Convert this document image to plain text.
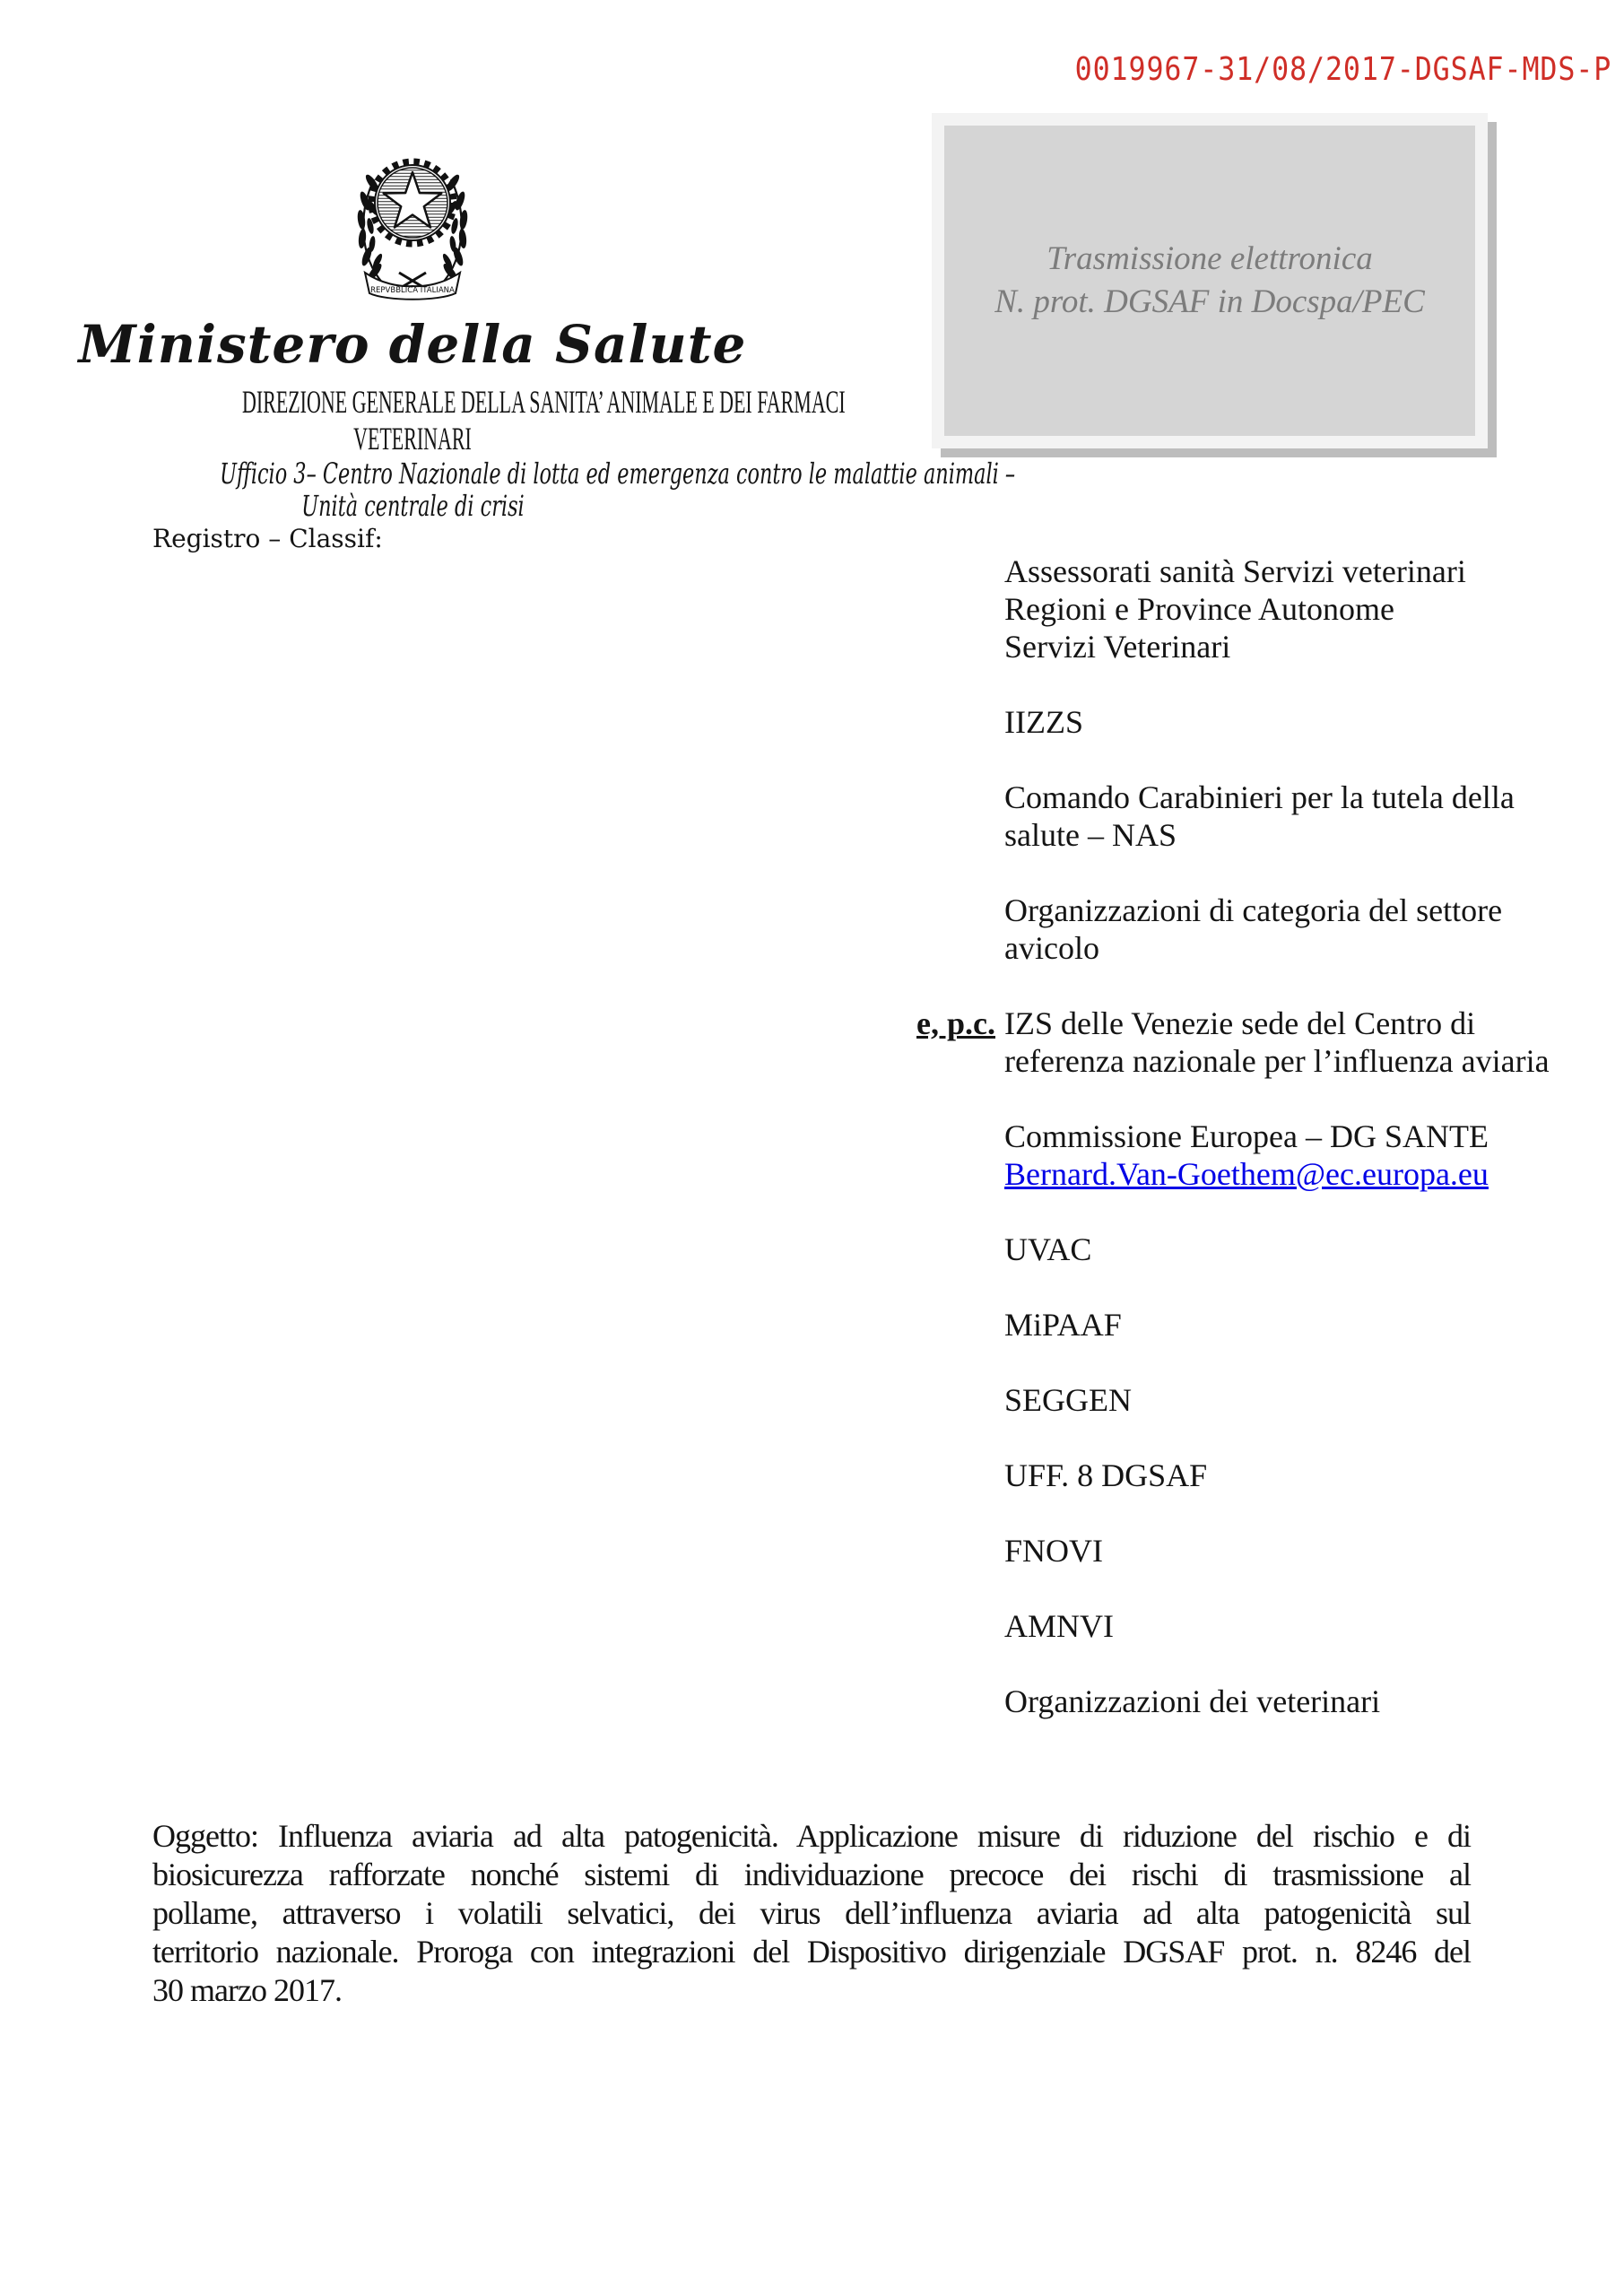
0019967-31/08/2017-DGSAF-MDS-P
Trasmissione elettronica
N. prot. DGSAF in Docspa/PEC
REPVBBLICA ITALIANA
Ministero della Salute
DIREZIONE GENERALE DELLA SANITA’ ANIMALE E DEI FARMACI
VETERINARI
Ufficio 3– Centro Nazionale di lotta ed emergenza contro le malattie animali –
Unità centrale di crisi
Registro – Classif:
Assessorati sanità Servizi veterinari
Regioni e Province Autonome
Servizi Veterinari
IIZZS
Comando Carabinieri per la tutela della
salute – NAS
Organizzazioni di categoria del settore
avicolo
e, p.c. IZS delle Venezie sede del Centro di
referenza nazionale per l’influenza aviaria
Commissione Europea – DG SANTE
Bernard.Van-Goethem@ec.europa.eu
UVAC
MiPAAF
SEGGEN
UFF. 8 DGSAF
FNOVI
AMNVI
Organizzazioni dei veterinari
Oggetto: Influenza aviaria ad alta patogenicità. Applicazione misure di riduzione del rischio e di
biosicurezza rafforzate nonché sistemi di individuazione precoce dei rischi di trasmissione al
pollame, attraverso i volatili selvatici, dei virus dell’influenza aviaria ad alta patogenicità sul
territorio nazionale. Proroga con integrazioni del Dispositivo dirigenziale DGSAF prot. n. 8246 del
30 marzo 2017.
